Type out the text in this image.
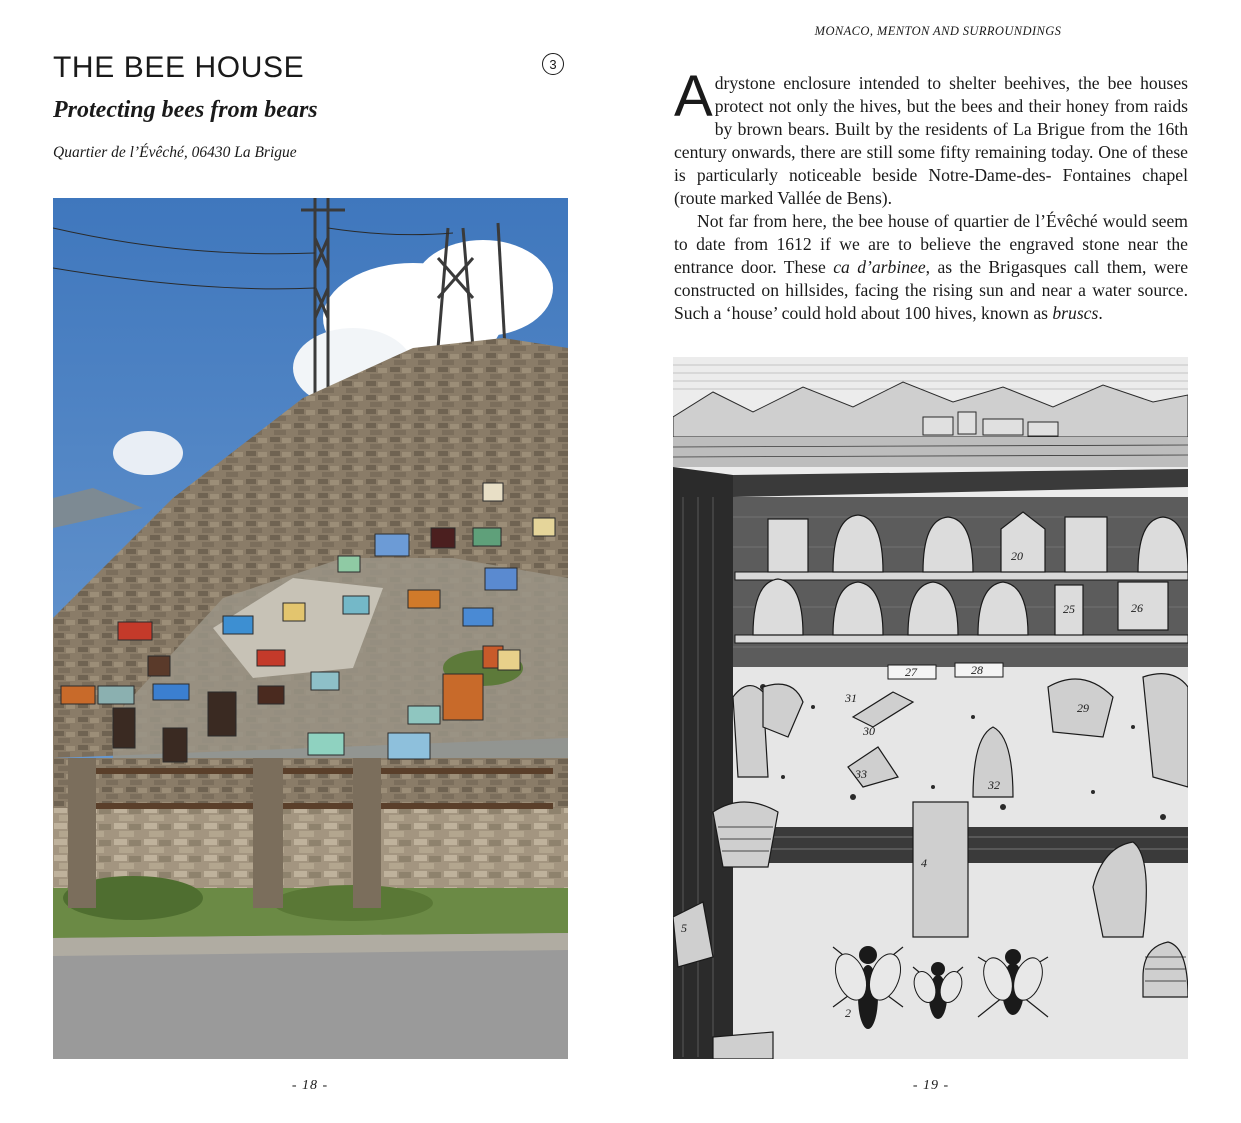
THE BEE HOUSE	3
Protecting bees from bears

Quartier de l’Évêché, 06430 La Brigue

- 18 -
MONACO, MENTON AND SURROUNDINGS

A drystone enclosure intended to shelter beehives, the bee houses protect not only the hives, but the bees and their honey from raids by brown bears. Built by the residents of La Brigue from the 16th century onwards, there are still some fifty remaining today. One of these is particularly noticeable beside Notre-Dame-des- Fontaines chapel (route marked Vallée de Bens).

Not far from here, the bee house of quartier de l’Évêché would seem to date from 1612 if we are to believe the engraved stone near the entrance door. These ca d’arbinee, as the Brigasques call them, were constructed on hillsides, facing the rising sun and near a water source. Such a ‘house’ could hold about 100 hives, known as bruscs.

20
25	26
27	28
29
30
31
32
33
5
2
4
- 19 -
